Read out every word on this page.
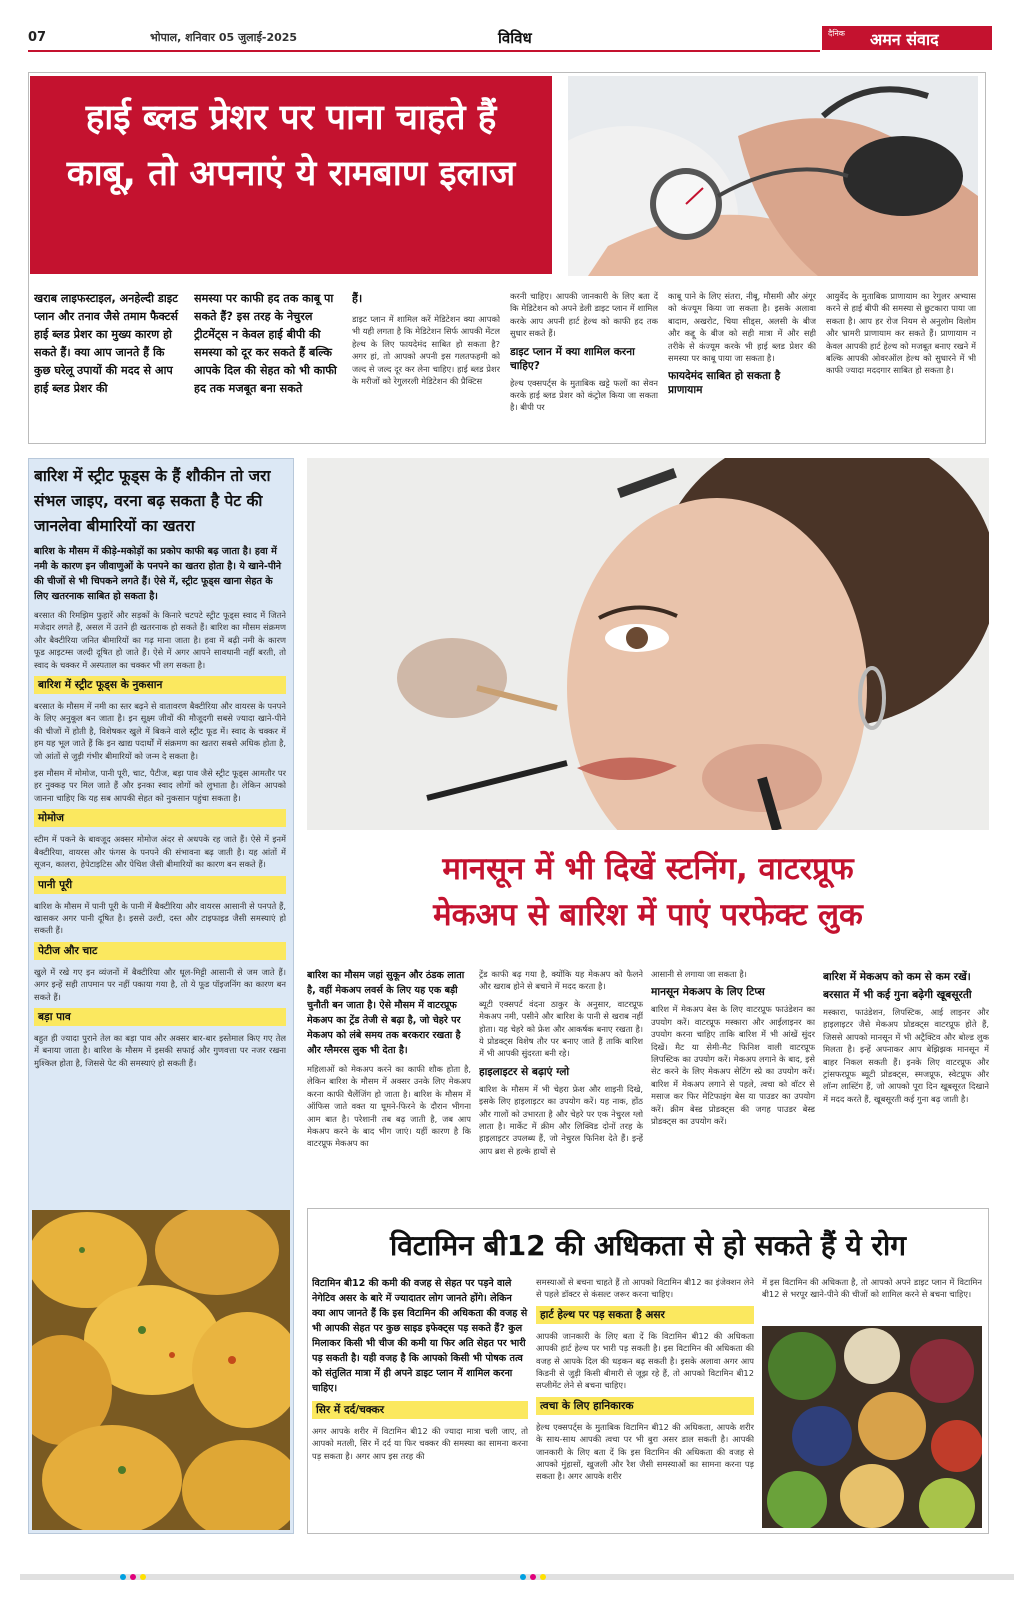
07	भोपाल, शनिवार 05 जुलाई-2025	विविध	दैनिक अमन संवाद
हाई ब्लड प्रेशर पर पाना चाहते हैं काबू, तो अपनाएं ये रामबाण इलाज

खराब लाइफस्टाइल, अनहेल्दी डाइट प्लान और तनाव जैसे तमाम फैक्टर्स हाई ब्लड प्रेशर का मुख्य कारण हो सकते हैं। क्या आप जानते हैं कि कुछ घरेलू उपायों की मदद से आप हाई ब्लड प्रेशर की

समस्या पर काफी हद तक काबू पा सकते हैं? इस तरह के नेचुरल ट्रीटमेंट्स न केवल हाई बीपी की समस्या को दूर कर सकते हैं बल्कि आपके दिल की सेहत को भी काफी हद तक मजबूत बना सकते

हैं।

डाइट प्लान में शामिल करें मेडिटेशन क्या आपको भी यही लगता है कि मेडिटेशन सिर्फ आपकी मेंटल हेल्थ के लिए फायदेमंद साबित हो सकता है? अगर हां, तो आपको अपनी इस गलतफहमी को जल्द से जल्द दूर कर लेना चाहिए। हाई ब्लड प्रेशर के मरीजों को रेगुलरली मेडिटेशन की प्रैक्टिस

करनी चाहिए। आपकी जानकारी के लिए बता दें कि मेडिटेशन को अपने डेली डाइट प्लान में शामिल करके आप अपनी हार्ट हेल्थ को काफी हद तक सुधार सकते हैं।

डाइट प्लान में क्या शामिल करना चाहिए?

हेल्थ एक्सपर्ट्स के मुताबिक खट्टे फलों का सेवन करके हाई ब्लड प्रेशर को कंट्रोल किया जा सकता है। बीपी पर

काबू पाने के लिए संतरा, नीबू, मौसमी और अंगूर को कंज्यूम किया जा सकता है। इसके अलावा बादाम, अखरोट, चिया सीड्स, अलसी के बीज और कद्दू के बीज को सही मात्रा में और सही तरीके से कंज्यूम करके भी हाई ब्लड प्रेशर की समस्या पर काबू पाया जा सकता है।

फायदेमंद साबित हो सकता है प्राणायाम

आयुर्वेद के मुताबिक प्राणायाम का रेगुलर अभ्यास करने से हाई बीपी की समस्या से छुटकारा पाया जा सकता है। आप हर रोज नियम से अनुलोम विलोम और भ्रामरी प्राणायाम कर सकते हैं। प्राणायाम न केवल आपकी हार्ट हेल्थ को मजबूत बनाए रखने में बल्कि आपकी ओवरऑल हेल्थ को सुधारने में भी काफी ज्यादा मददगार साबित हो सकता है।

बारिश में स्ट्रीट फूड्स के हैं शौकीन तो जरा संभल जाइए, वरना बढ़ सकता है पेट की जानलेवा बीमारियों का खतरा

बारिश के मौसम में कीड़े-मकोड़ों का प्रकोप काफी बढ़ जाता है। हवा में नमी के कारण इन जीवाणुओं के पनपने का खतरा होता है। ये खाने-पीने की चीजों से भी चिपकने लगते हैं। ऐसे में, स्ट्रीट फूड्स खाना सेहत के लिए खतरनाक साबित हो सकता है।

बरसात की रिमझिम फुहारें और सड़कों के किनारे चटपटे स्ट्रीट फूड्स स्वाद में जितने मजेदार लगते हैं, असल में उतने ही खतरनाक हो सकते हैं। बारिश का मौसम संक्रमण और बैक्टीरिया जनित बीमारियों का गढ़ माना जाता है। हवा में बढ़ी नमी के कारण फूड आइटम्स जल्दी दूषित हो जाते हैं। ऐसे में अगर आपने सावधानी नहीं बरती, तो स्वाद के चक्कर में अस्पताल का चक्कर भी लग सकता है।

बारिश में स्ट्रीट फूड्स के नुकसान

बरसात के मौसम में नमी का स्तर बढ़ने से वातावरण बैक्टीरिया और वायरस के पनपने के लिए अनुकूल बन जाता है। इन सूक्ष्म जीवों की मौजूदगी सबसे ज्यादा खाने-पीने की चीजों में होती है, विशेषकर खुले में बिकने वाले स्ट्रीट फूड में। स्वाद के चक्कर में हम यह भूल जाते हैं कि इन खाद्य पदार्थों में संक्रमण का खतरा सबसे अधिक होता है, जो आंतों से जुड़ी गंभीर बीमारियों को जन्म दे सकता है।

इस मौसम में मोमोज, पानी पूरी, चाट, पैटीज, बड़ा पाव जैसे स्ट्रीट फूड्स आमतौर पर हर नुक्कड़ पर मिल जाते हैं और इनका स्वाद लोगों को लुभाता है। लेकिन आपको जानना चाहिए कि यह सब आपकी सेहत को नुकसान पहुंचा सकता है।

मोमोज

स्टीम में पकने के बावजूद अक्सर मोमोज अंदर से अधपके रह जाते हैं। ऐसे में इनमें बैक्टीरिया, वायरस और फंगस के पनपने की संभावना बढ़ जाती है। यह आंतों में सूजन, कालरा, हेपेटाइटिस और पेचिश जैसी बीमारियों का कारण बन सकते हैं।

पानी पूरी

बारिश के मौसम में पानी पूरी के पानी में बैक्टीरिया और वायरस आसानी से पनपते हैं, खासकर अगर पानी दूषित है। इससे उल्टी, दस्त और टाइफाइड जैसी समस्याएं हो सकती हैं।

पेटीज और चाट

खुले में रखे गए इन व्यंजनों में बैक्टीरिया और धूल-मिट्टी आसानी से जम जाते हैं। अगर इन्हें सही तापमान पर नहीं पकाया गया है, तो ये फूड पॉइजनिंग का कारण बन सकते हैं।

बड़ा पाव

बहुत ही ज्यादा पुराने तेल का बड़ा पाव और अक्सर बार-बार इस्तेमाल किए गए तेल में बनाया जाता है। बारिश के मौसम में इसकी सफाई और गुणवत्ता पर नजर रखना मुश्किल होता है, जिससे पेट की समस्याएं हो सकती हैं।

मानसून में भी दिखें स्टनिंग, वाटरप्रूफ
मेकअप से बारिश में पाएं परफेक्ट लुक

बारिश का मौसम जहां सुकून और ठंडक लाता है, वहीं मेकअप लवर्स के लिए यह एक बड़ी चुनौती बन जाता है। ऐसे मौसम में वाटरप्रूफ मेकअप का ट्रेंड तेजी से बढ़ा है, जो चेहरे पर मेकअप को लंबे समय तक बरकरार रखता है और ग्लैमरस लुक भी देता है।

महिलाओं को मेकअप करने का काफी शौक होता है, लेकिन बारिश के मौसम में अक्सर उनके लिए मेकअप करना काफी चैलेंजिंग हो जाता है। बारिश के मौसम में ऑफिस जाते वक्त या घूमने-फिरने के दौरान भीगना आम बात है। परेशानी तब बढ़ जाती है, जब आप मेकअप करने के बाद भीग जाएं। यहीं कारण है कि वाटरप्रूफ मेकअप का

ट्रेंड काफी बढ़ गया है, क्योंकि यह मेकअप को फैलने और खराब होने से बचाने में मदद करता है।

ब्यूटी एक्सपर्ट वंदना ठाकुर के अनुसार, वाटरप्रूफ मेकअप नमी, पसीने और बारिश के पानी से खराब नहीं होता। यह चेहरे को फ्रेश और आकर्षक बनाए रखता है। ये प्रोडक्ट्स विशेष तौर पर बनाए जाते हैं ताकि बारिश में भी आपकी सुंदरता बनी रहे।

हाइलाइटर से बढ़ाएं ग्लो

बारिश के मौसम में भी चेहरा फ्रेश और शाइनी दिखे, इसके लिए हाइलाइटर का उपयोग करें। यह नाक, होंठ और गालों को उभारता है और चेहरे पर एक नेचुरल ग्लो लाता है। मार्केट में क्रीम और लिक्विड दोनों तरह के हाइलाइटर उपलब्ध हैं, जो नेचुरल फिनिश देते हैं। इन्हें आप ब्रश से हल्के हाथों से

आसानी से लगाया जा सकता है।

मानसून मेकअप के लिए टिप्स

बारिश में मेकअप बेस के लिए वाटरप्रूफ फाउंडेशन का उपयोग करें। वाटरप्रूफ मस्कारा और आईलाइनर का उपयोग करना चाहिए ताकि बारिश में भी आंखें सुंदर दिखें। मैट या सेमी-मैट फिनिश वाली वाटरप्रूफ लिपस्टिक का उपयोग करें। मेकअप लगाने के बाद, इसे सेट करने के लिए मेकअप सेटिंग स्प्रे का उपयोग करें। बारिश में मेकअप लगाने से पहले, त्वचा को वॉटर से मसाज कर फिर मेटिफाइंग बेस या पाउडर का उपयोग करें। क्रीम बेस्ड प्रोडक्ट्स की जगह पाउडर बेस्ड प्रोडक्ट्स का उपयोग करें।

बारिश में मेकअप को कम से कम रखें।

बरसात में भी कई गुना बढ़ेगी खूबसूरती

मस्कारा, फाउंडेशन, लिपस्टिक, आई लाइनर और हाइलाइटर जैसे मेकअप प्रोडक्ट्स वाटरप्रूफ होते हैं, जिससे आपको मानसून में भी अट्रैक्टिव और बोल्ड लुक मिलता है। इन्हें अपनाकर आप बेझिझक मानसून में बाहर निकल सकती हैं। इनके लिए वाटरप्रूफ और ट्रांसफरप्रूफ ब्यूटी प्रोडक्ट्स, स्मजप्रूफ, स्वेटप्रूफ और लॉन्ग लास्टिंग हैं, जो आपको पूरा दिन खूबसूरत दिखाने में मदद करते हैं, खूबसूरती कई गुना बढ़ जाती है।

विटामिन बी12 की अधिकता से हो सकते हैं ये रोग

विटामिन बी12 की कमी की वजह से सेहत पर पड़ने वाले नेगेटिव असर के बारे में ज्यादातर लोग जानते होंगे। लेकिन क्या आप जानते हैं कि इस विटामिन की अधिकता की वजह से भी आपकी सेहत पर कुछ साइड इफेक्ट्स पड़ सकते हैं? कुल मिलाकर किसी भी चीज की कमी या फिर अति सेहत पर भारी पड़ सकती है। यही वजह है कि आपको किसी भी पोषक तत्व को संतुलित मात्रा में ही अपने डाइट प्लान में शामिल करना चाहिए।

सिर में दर्द/चक्कर

अगर आपके शरीर में विटामिन बी12 की ज्यादा मात्रा चली जाए, तो आपको मतली, सिर में दर्द या फिर चक्कर की समस्या का सामना करना पड़ सकता है। अगर आप इस तरह की

समस्याओं से बचना चाहते हैं तो आपको विटामिन बी12 का इंजेक्शन लेने से पहले डॉक्टर से कंसल्ट जरूर करना चाहिए।

हार्ट हेल्थ पर पड़ सकता है असर

आपकी जानकारी के लिए बता दें कि विटामिन बी12 की अधिकता आपकी हार्ट हेल्थ पर भारी पड़ सकती है। इस विटामिन की अधिकता की वजह से आपके दिल की धड़कन बढ़ सकती है। इसके अलावा अगर आप किडनी से जुड़ी किसी बीमारी से जूझ रहे हैं, तो आपको विटामिन बी12 सप्लीमेंट लेने से बचना चाहिए।

त्वचा के लिए हानिकारक

हेल्थ एक्सपर्ट्स के मुताबिक विटामिन बी12 की अधिकता, आपके शरीर के साथ-साथ आपकी त्वचा पर भी बुरा असर डाल सकती है। आपकी जानकारी के लिए बता दें कि इस विटामिन की अधिकता की वजह से आपको मुंहासों, खुजली और रैश जैसी समस्याओं का सामना करना पड़ सकता है। अगर आपके शरीर

में इस विटामिन की अधिकता है, तो आपको अपने डाइट प्लान में विटामिन बी12 से भरपूर खाने-पीने की चीजों को शामिल करने से बचना चाहिए।
